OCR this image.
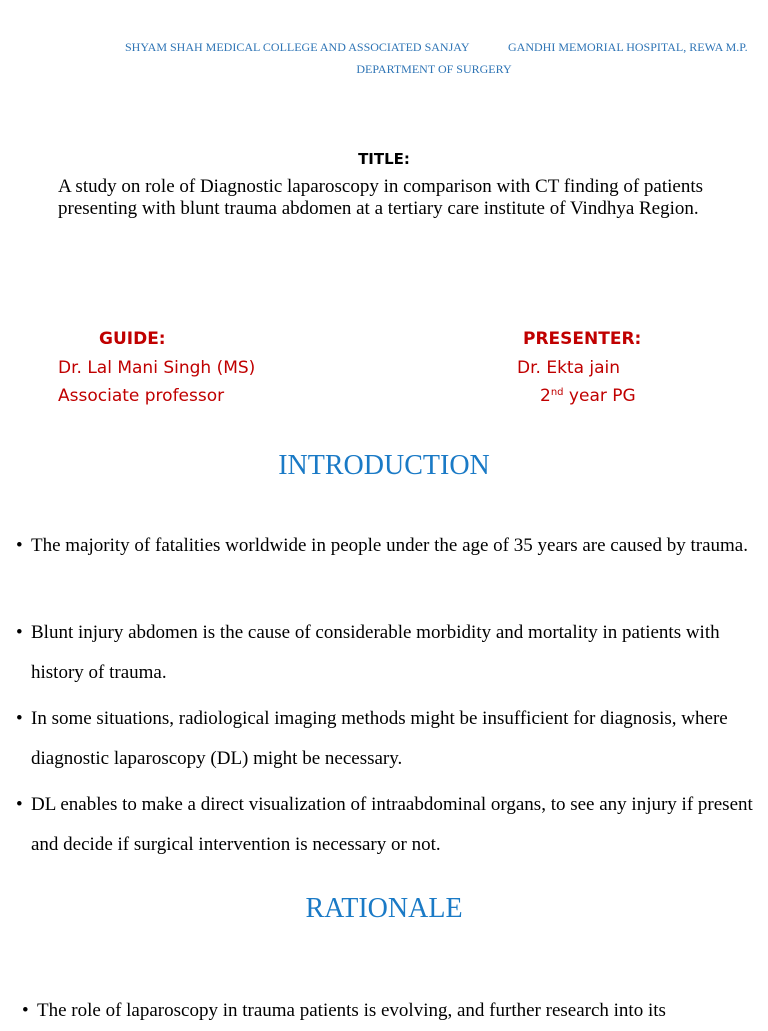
SHYAM SHAH MEDICAL COLLEGE AND ASSOCIATED SANJAY	GANDHI MEMORIAL HOSPITAL, REWA M.P.
DEPARTMENT OF SURGERY
TITLE:
A study on role of Diagnostic laparoscopy in comparison with CT finding of patients presenting with blunt trauma abdomen at a tertiary care institute of Vindhya Region.
GUIDE:
Dr. Lal Mani Singh (MS)
Associate professor
PRESENTER:
Dr. Ekta jain
2nd year PG
INTRODUCTION
• The majority of fatalities worldwide in people under the age of 35 years are caused by trauma.
• Blunt injury abdomen is the cause of considerable morbidity and mortality in patients with history of trauma.
• In some situations, radiological imaging methods might be insufficient for diagnosis, where diagnostic laparoscopy (DL) might be necessary.
• DL enables to make a direct visualization of intraabdominal organs, to see any injury if present and decide if surgical intervention is necessary or not.
RATIONALE
• The role of laparoscopy in trauma patients is evolving, and further research into its
